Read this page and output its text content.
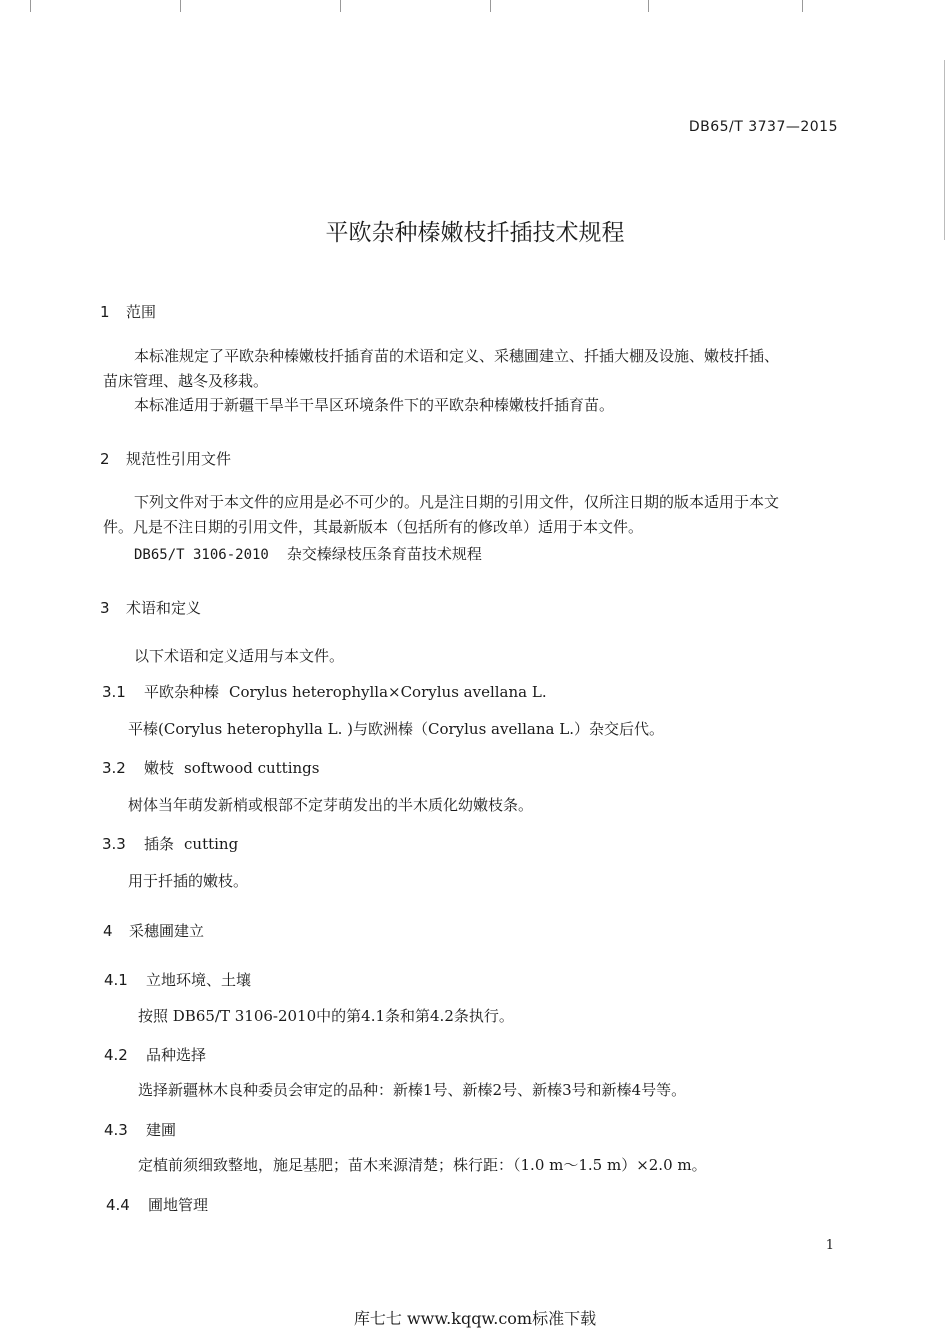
DB65/T 3737—2015
平欧杂种榛嫩枝扦插技术规程
1 范围
本标准规定了平欧杂种榛嫩枝扦插育苗的术语和定义、采穗圃建立、扦插大棚及设施、嫩枝扦插、
苗床管理、越冬及移栽。
本标准适用于新疆干旱半干旱区环境条件下的平欧杂种榛嫩枝扦插育苗。
2 规范性引用文件
下列文件对于本文件的应用是必不可少的。凡是注日期的引用文件，仅所注日期的版本适用于本文
件。凡是不注日期的引用文件，其最新版本（包括所有的修改单）适用于本文件。
DB65/T 3106-2010 杂交榛绿枝压条育苗技术规程
3 术语和定义
以下术语和定义适用与本文件。
3.1 平欧杂种榛 Corylus heterophylla×Corylus avellana L.
平榛(Corylus heterophylla L. )与欧洲榛（Corylus avellana L.）杂交后代。
3.2 嫩枝 softwood cuttings
树体当年萌发新梢或根部不定芽萌发出的半木质化幼嫩枝条。
3.3 插条 cutting
用于扦插的嫩枝。
4 采穗圃建立
4.1 立地环境、土壤
按照 DB65/T 3106-2010中的第4.1条和第4.2条执行。
4.2 品种选择
选择新疆林木良种委员会审定的品种：新榛1号、新榛2号、新榛3号和新榛4号等。
4.3 建圃
定植前须细致整地，施足基肥；苗木来源清楚；株行距：（1.0 m～1.5 m）×2.0 m。
4.4 圃地管理
1
库七七 www.kqqw.com标准下载
